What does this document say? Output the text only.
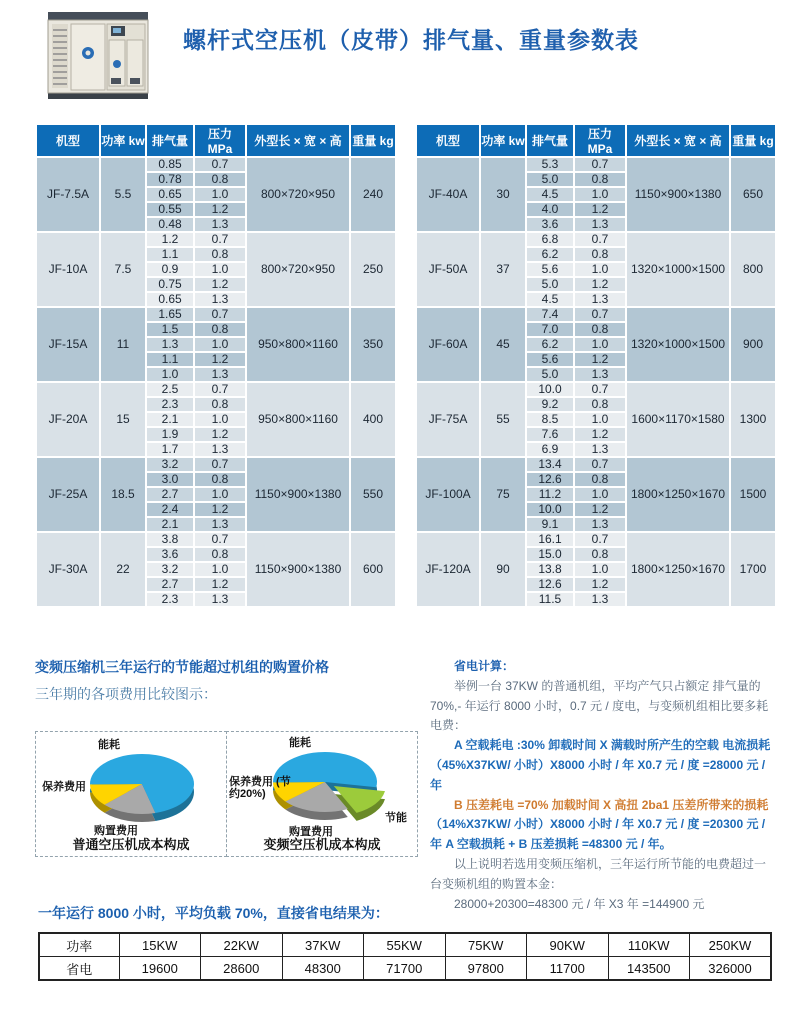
螺杆式空压机（皮带）排气量、重量参数表
机型	功率 kw	排气量	压力 MPa	外型长 × 宽 × 高	重量 kg
JF-7.5A	5.5	0.85	0.7	800×720×950	240
		0.78	0.8		
		0.65	1.0		
		0.55	1.2		
		0.48	1.3		
JF-10A	7.5	1.2	0.7	800×720×950	250
		1.1	0.8		
		0.9	1.0		
		0.75	1.2		
		0.65	1.3		
JF-15A	11	1.65	0.7	950×800×1160	350
		1.5	0.8		
		1.3	1.0		
		1.1	1.2		
		1.0	1.3		
JF-20A	15	2.5	0.7	950×800×1160	400
		2.3	0.8		
		2.1	1.0		
		1.9	1.2		
		1.7	1.3		
JF-25A	18.5	3.2	0.7	1150×900×1380	550
		3.0	0.8		
		2.7	1.0		
		2.4	1.2		
		2.1	1.3		
JF-30A	22	3.8	0.7	1150×900×1380	600
		3.6	0.8		
		3.2	1.0		
		2.7	1.2		
		2.3	1.3		
机型	功率 kw	排气量	压力 MPa	外型长 × 宽 × 高	重量 kg
JF-40A	30	5.3	0.7	1150×900×1380	650
		5.0	0.8		
		4.5	1.0		
		4.0	1.2		
		3.6	1.3		
JF-50A	37	6.8	0.7	1320×1000×1500	800
		6.2	0.8		
		5.6	1.0		
		5.0	1.2		
		4.5	1.3		
JF-60A	45	7.4	0.7	1320×1000×1500	900
		7.0	0.8		
		6.2	1.0		
		5.6	1.2		
		5.0	1.3		
JF-75A	55	10.0	0.7	1600×1170×1580	1300
		9.2	0.8		
		8.5	1.0		
		7.6	1.2		
		6.9	1.3		
JF-100A	75	13.4	0.7	1800×1250×1670	1500
		12.6	0.8		
		11.2	1.0		
		10.0	1.2		
		9.1	1.3		
JF-120A	90	16.1	0.7	1800×1250×1670	1700
		15.0	0.8		
		13.8	1.0		
		12.6	1.2		
		11.5	1.3		

变频压缩机三年运行的节能超过机组的购置价格

三年期的各项费用比较图示：

能耗
保养费用
购置费用
普通空压机成本构成
能耗
保养费用 (节约20%)
节能
购置费用
变频空压机成本构成

省电计算：

举例一台 37KW 的普通机组，平均产气只占额定 排气量的 70%,- 年运行 8000 小时，0.7 元 / 度电，与变频机组相比要多耗电费：

A 空载耗电 :30% 卸载时间 X 满载时所产生的空载 电流损耗（45%X37KW/ 小时）X8000 小时 / 年 X0.7 元 / 度 =28000 元 / 年

B 压差耗电 =70% 加载时间 X 高扭 2ba1 压差所带来的损耗（14%X37KW/ 小时）X8000 小时 / 年 X0.7 元 / 度 =20300 元 / 年 A 空载损耗 + B 压差损耗 =48300 元 / 年。

以上说明若选用变频压缩机，三年运行所节能的电费超过一台变频机组的购置本金：

28000+20300=48300 元 / 年 X3 年 =144900 元

一年运行 8000 小时，平均负载 70%，直接省电结果为：

功率	15KW	22KW	37KW	55KW	75KW	90KW	110KW	250KW
省电	19600	28600	48300	71700	97800	11700	143500	326000
